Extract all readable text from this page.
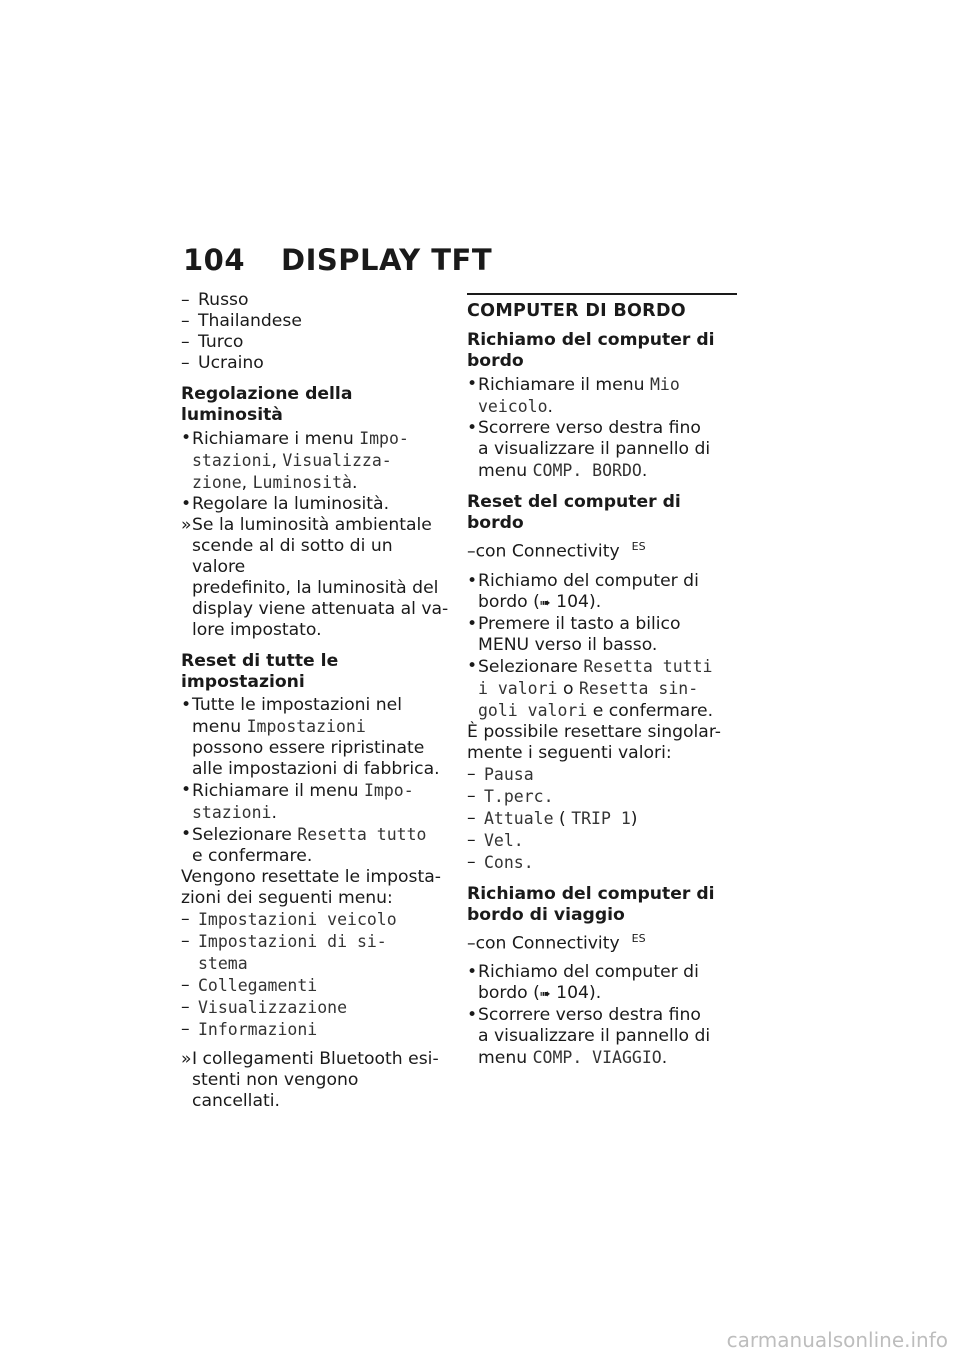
104 DISPLAY TFT
– Russo
– Thailandese
– Turco
– Ucraino
Regolazione della luminosità
• Richiamare i menu Impo-
stazioni, Visualizza-
zione, Luminosità.
• Regolare la luminosità.
» Se la luminosità ambientale
scende al di sotto di un valore
predefinito, la luminosità del
display viene attenuata al va-
lore impostato.
Reset di tutte le impostazioni
• Tutte le impostazioni nel
menu Impostazioni
possono essere ripristinate
alle impostazioni di fabbrica.
• Richiamare il menu Impo-
stazioni.
• Selezionare Resetta tutto
e confermare.
Vengono resettate le imposta-
zioni dei seguenti menu:
– Impostazioni veicolo
– Impostazioni di si-
stema
– Collegamenti
– Visualizzazione
– Informazioni
» I collegamenti Bluetooth esi-
stenti non vengono cancellati.
COMPUTER DI BORDO
Richiamo del computer di
bordo
• Richiamare il menu Mio
veicolo.
• Scorrere verso destra fino
a visualizzare il pannello di
menu COMP. BORDO.
Reset del computer di bordo
–con Connectivity $^{ES}$
• Richiamo del computer di
bordo (➠ 104).
• Premere il tasto a bilico
MENU verso il basso.
• Selezionare Resetta tutti
i valori o Resetta sin-
goli valori e confermare.
È possibile resettare singolar-
mente i seguenti valori:
– Pausa
– T.perc.
– Attuale ( TRIP 1)
– Vel.
– Cons.
Richiamo del computer di
bordo di viaggio
–con Connectivity $^{ES}$
• Richiamo del computer di
bordo (➠ 104).
• Scorrere verso destra fino
a visualizzare il pannello di
menu COMP. VIAGGIO.
carmanualsonline.info
